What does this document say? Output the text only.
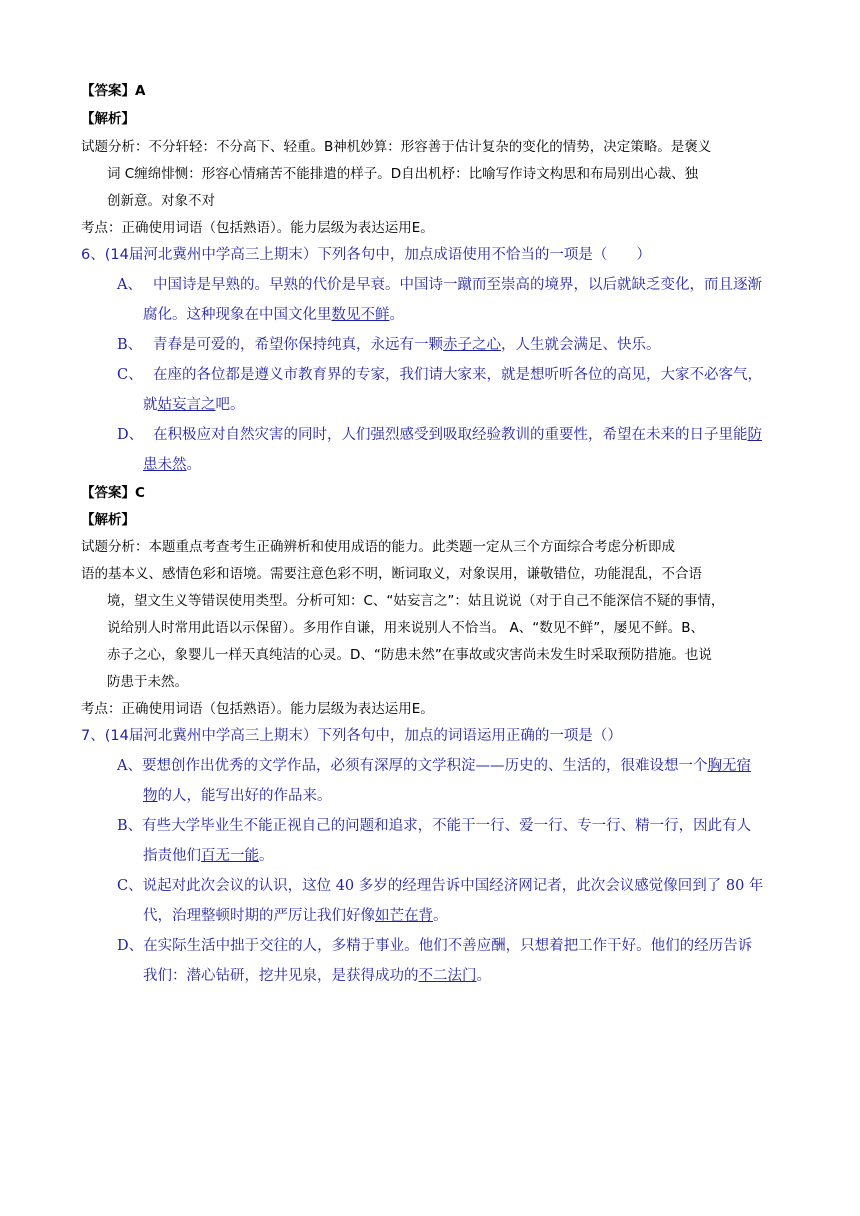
【答案】A
【解析】
试题分析：不分轩轻：不分高下、轻重。B神机妙算：形容善于估计复杂的变化的情势，决定策略。是褒义
词 C缠绵悱恻：形容心情痛苦不能排遣的样子。D自出机杼：比喻写作诗文构思和布局别出心裁、独
创新意。对象不对
考点：正确使用词语（包括熟语）。能力层级为表达运用E。
6、(14届河北冀州中学高三上期末）下列各句中，加点成语使用不恰当的一项是（　　）
A、 中国诗是早熟的。早熟的代价是早衰。中国诗一蹴而至崇高的境界，以后就缺乏变化，而且逐渐
腐化。这种现象在中国文化里数见不鲜。
B、 青春是可爱的，希望你保持纯真，永远有一颗赤子之心，人生就会满足、快乐。
C、 在座的各位都是遵义市教育界的专家，我们请大家来，就是想听听各位的高见，大家不必客气，
就姑妄言之吧。
D、 在积极应对自然灾害的同时，人们强烈感受到吸取经验教训的重要性，希望在未来的日子里能防
患未然。
【答案】C
【解析】
试题分析：本题重点考查考生正确辨析和使用成语的能力。此类题一定从三个方面综合考虑分析即成
语的基本义、感情色彩和语境。需要注意色彩不明，断词取义，对象误用，谦敬错位，功能混乱，不合语
境，望文生义等错误使用类型。分析可知：C、“姑妄言之”：姑且说说（对于自己不能深信不疑的事情，
说给别人时常用此语以示保留）。多用作自谦，用来说别人不恰当。 A、“数见不鲜”，屡见不鲜。B、
赤子之心，象婴儿一样天真纯洁的心灵。D、“防患未然”在事故或灾害尚未发生时采取预防措施。也说
防患于未然。
考点：正确使用词语（包括熟语）。能力层级为表达运用E。
7、(14届河北冀州中学高三上期末）下列各句中，加点的词语运用正确的一项是（）
A、要想创作出优秀的文学作品，必须有深厚的文学积淀——历史的、生活的，很难设想一个胸无宿
物的人，能写出好的作品来。
B、有些大学毕业生不能正视自己的问题和追求，不能干一行、爱一行、专一行、精一行，因此有人
指责他们百无一能。
C、说起对此次会议的认识，这位 40 多岁的经理告诉中国经济网记者，此次会议感觉像回到了 80 年
代，治理整顿时期的严厉让我们好像如芒在背。
D、在实际生活中拙于交往的人，多精于事业。他们不善应酬，只想着把工作干好。他们的经历告诉
我们：潜心钻研，挖井见泉，是获得成功的不二法门。
